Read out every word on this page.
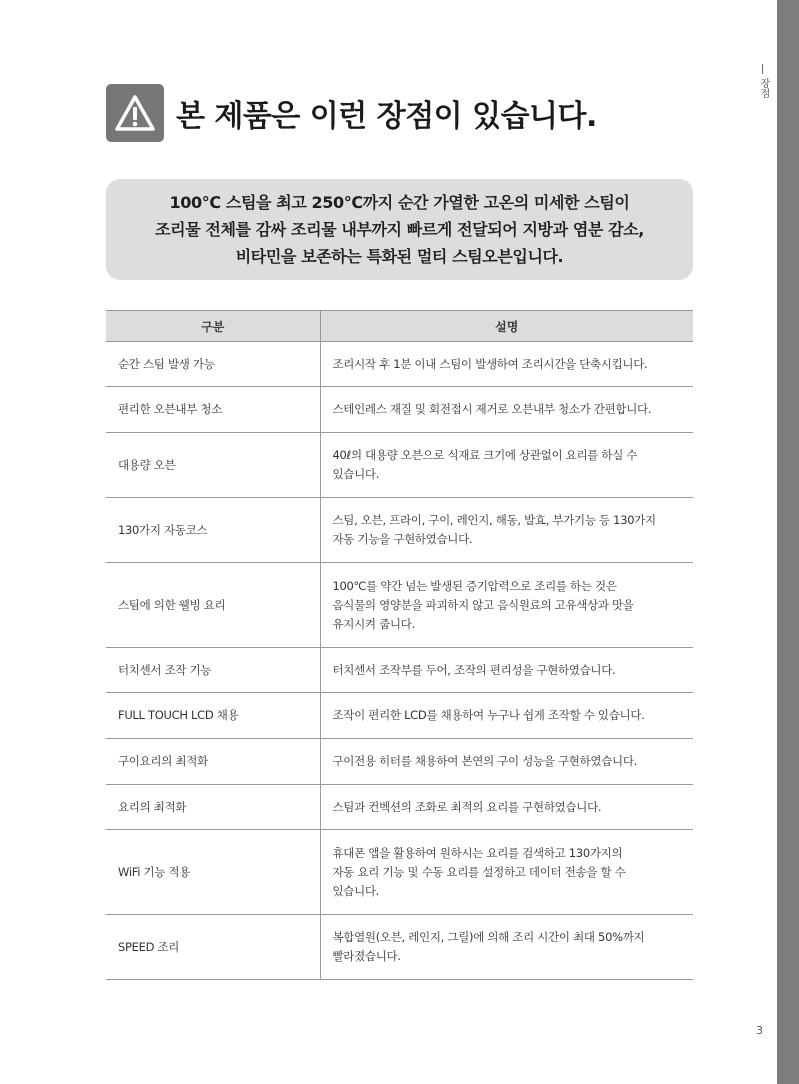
장점
3
본 제품은 이런 장점이 있습니다.
100℃ 스팀을 최고 250℃까지 순간 가열한 고온의 미세한 스팀이
조리물 전체를 감싸 조리물 내부까지 빠르게 전달되어 지방과 염분 감소,
비타민을 보존하는 특화된 멀티 스팀오븐입니다.
구분	설명
순간 스팀 발생 가능	조리시작 후 1분 이내 스팀이 발생하여 조리시간을 단축시킵니다.

편리한 오븐내부 청소	스테인레스 재질 및 회전접시 제거로 오븐내부 청소가 간편합니다.

대용량 오븐	40ℓ의 대용량 오븐으로 식재료 크기에 상관없이 요리를 하실 수
있습니다.

130가지 자동코스	스팀, 오븐, 프라이, 구이, 레인지, 해동, 발효, 부가기능 등 130가지
자동 기능을 구현하였습니다.

스팀에 의한 웰빙 요리	100℃를 약간 넘는 발생된 증기압력으로 조리를 하는 것은
음식물의 영양분을 파괴하지 않고 음식원료의 고유색상과 맛을
유지시켜 줍니다.

터치센서 조작 기능	터치센서 조작부를 두어, 조작의 편리성을 구현하였습니다.

FULL TOUCH LCD 채용	조작이 편리한 LCD를 채용하여 누구나 쉽게 조작할 수 있습니다.

구이요리의 최적화	구이전용 히터를 채용하여 본연의 구이 성능을 구현하였습니다.

요리의 최적화	스팀과 컨벡션의 조화로 최적의 요리를 구현하였습니다.

WiFi 기능 적용	휴대폰 앱을 활용하여 원하시는 요리를 검색하고 130가지의
자동 요리 기능 및 수동 요리를 설정하고 데이터 전송을 할 수
있습니다.

SPEED 조리	복합열원(오븐, 레인지, 그릴)에 의해 조리 시간이 최대 50%까지
빨라졌습니다.
